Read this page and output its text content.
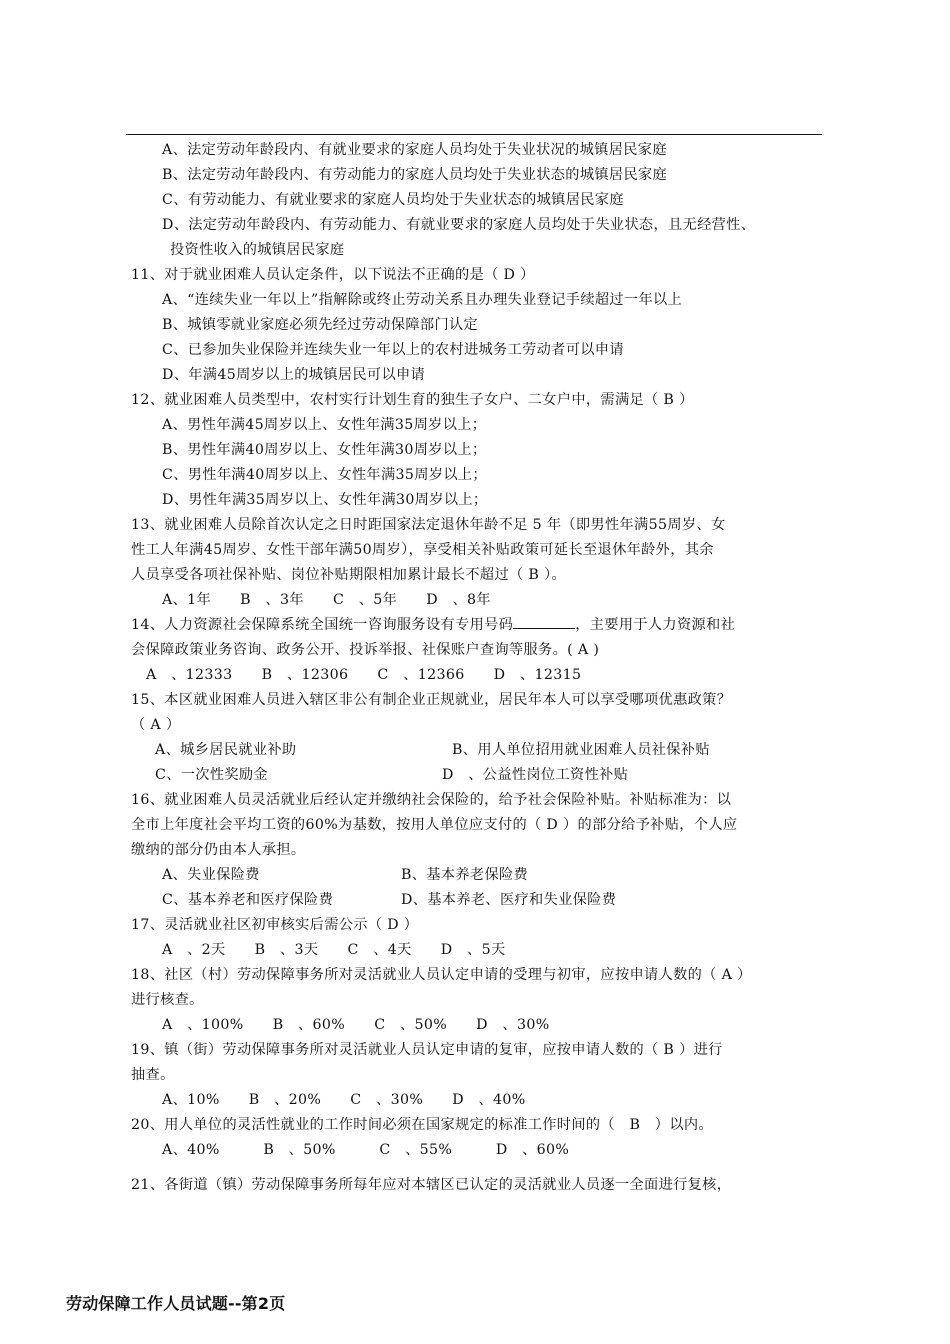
A、法定劳动年龄段内、有就业要求的家庭人员均处于失业状况的城镇居民家庭
B、法定劳动年龄段内、有劳动能力的家庭人员均处于失业状态的城镇居民家庭
C、有劳动能力、有就业要求的家庭人员均处于失业状态的城镇居民家庭
D、法定劳动年龄段内、有劳动能力、有就业要求的家庭人员均处于失业状态，且无经营性、
投资性收入的城镇居民家庭
11、对于就业困难人员认定条件，以下说法不正确的是（ D ）
A、“连续失业一年以上”指解除或终止劳动关系且办理失业登记手续超过一年以上
B、城镇零就业家庭必须先经过劳动保障部门认定
C、已参加失业保险并连续失业一年以上的农村进城务工劳动者可以申请
D、年满45周岁以上的城镇居民可以申请
12、就业困难人员类型中，农村实行计划生育的独生子女户、二女户中，需满足（ B ）
A、男性年满45周岁以上、女性年满35周岁以上；
B、男性年满40周岁以上、女性年满30周岁以上；
C、男性年满40周岁以上、女性年满35周岁以上；
D、男性年满35周岁以上、女性年满30周岁以上；
13、就业困难人员除首次认定之日时距国家法定退休年龄不足 5 年（即男性年满55周岁、女
性工人年满45周岁、女性干部年满50周岁），享受相关补贴政策可延长至退休年龄外，其余
人员享受各项社保补贴、岗位补贴期限相加累计最长不超过（ B ）。
A、1年　　B　、3年　　C　、5年　　D　、8年
14、人力资源社会保障系统全国统一咨询服务设有专用号码	，主要用于人力资源和社
会保障政策业务咨询、政务公开、投诉举报、社保账户查询等服务。( A )
A　、12333　　B　、12306　　C　、12366　　D　、12315
15、本区就业困难人员进入辖区非公有制企业正规就业，居民年本人可以享受哪项优惠政策？
（ A ）
A、城乡居民就业补助	B、用人单位招用就业困难人员社保补贴
C、一次性奖励金	D　、公益性岗位工资性补贴
16、就业困难人员灵活就业后经认定并缴纳社会保险的，给予社会保险补贴。补贴标准为：以
全市上年度社会平均工资的60%为基数，按用人单位应支付的（ D ）的部分给予补贴，个人应
缴纳的部分仍由本人承担。
A、失业保险费	B、基本养老保险费
C、基本养老和医疗保险费	D、基本养老、医疗和失业保险费
17、灵活就业社区初审核实后需公示（ D ）
A　、2天　　B　、3天　　C　、4天　　D　、5天
18、社区（村）劳动保障事务所对灵活就业人员认定申请的受理与初审，应按申请人数的（ A ）
进行核查。
A　、100%　　B　、60%　　C　、50%　　D　、30%
19、镇（街）劳动保障事务所对灵活就业人员认定申请的复审，应按申请人数的（ B ）进行
抽查。
A、10%　　B　、20%　　C　、30%　　D　、40%
20、用人单位的灵活性就业的工作时间必须在国家规定的标准工作时间的（　B　）以内。
A、40%　　　B　、50%　　　C　、55%　　　D　、60%
21、各街道（镇）劳动保障事务所每年应对本辖区已认定的灵活就业人员逐一全面进行复核，
劳动保障工作人员试题--第2页
